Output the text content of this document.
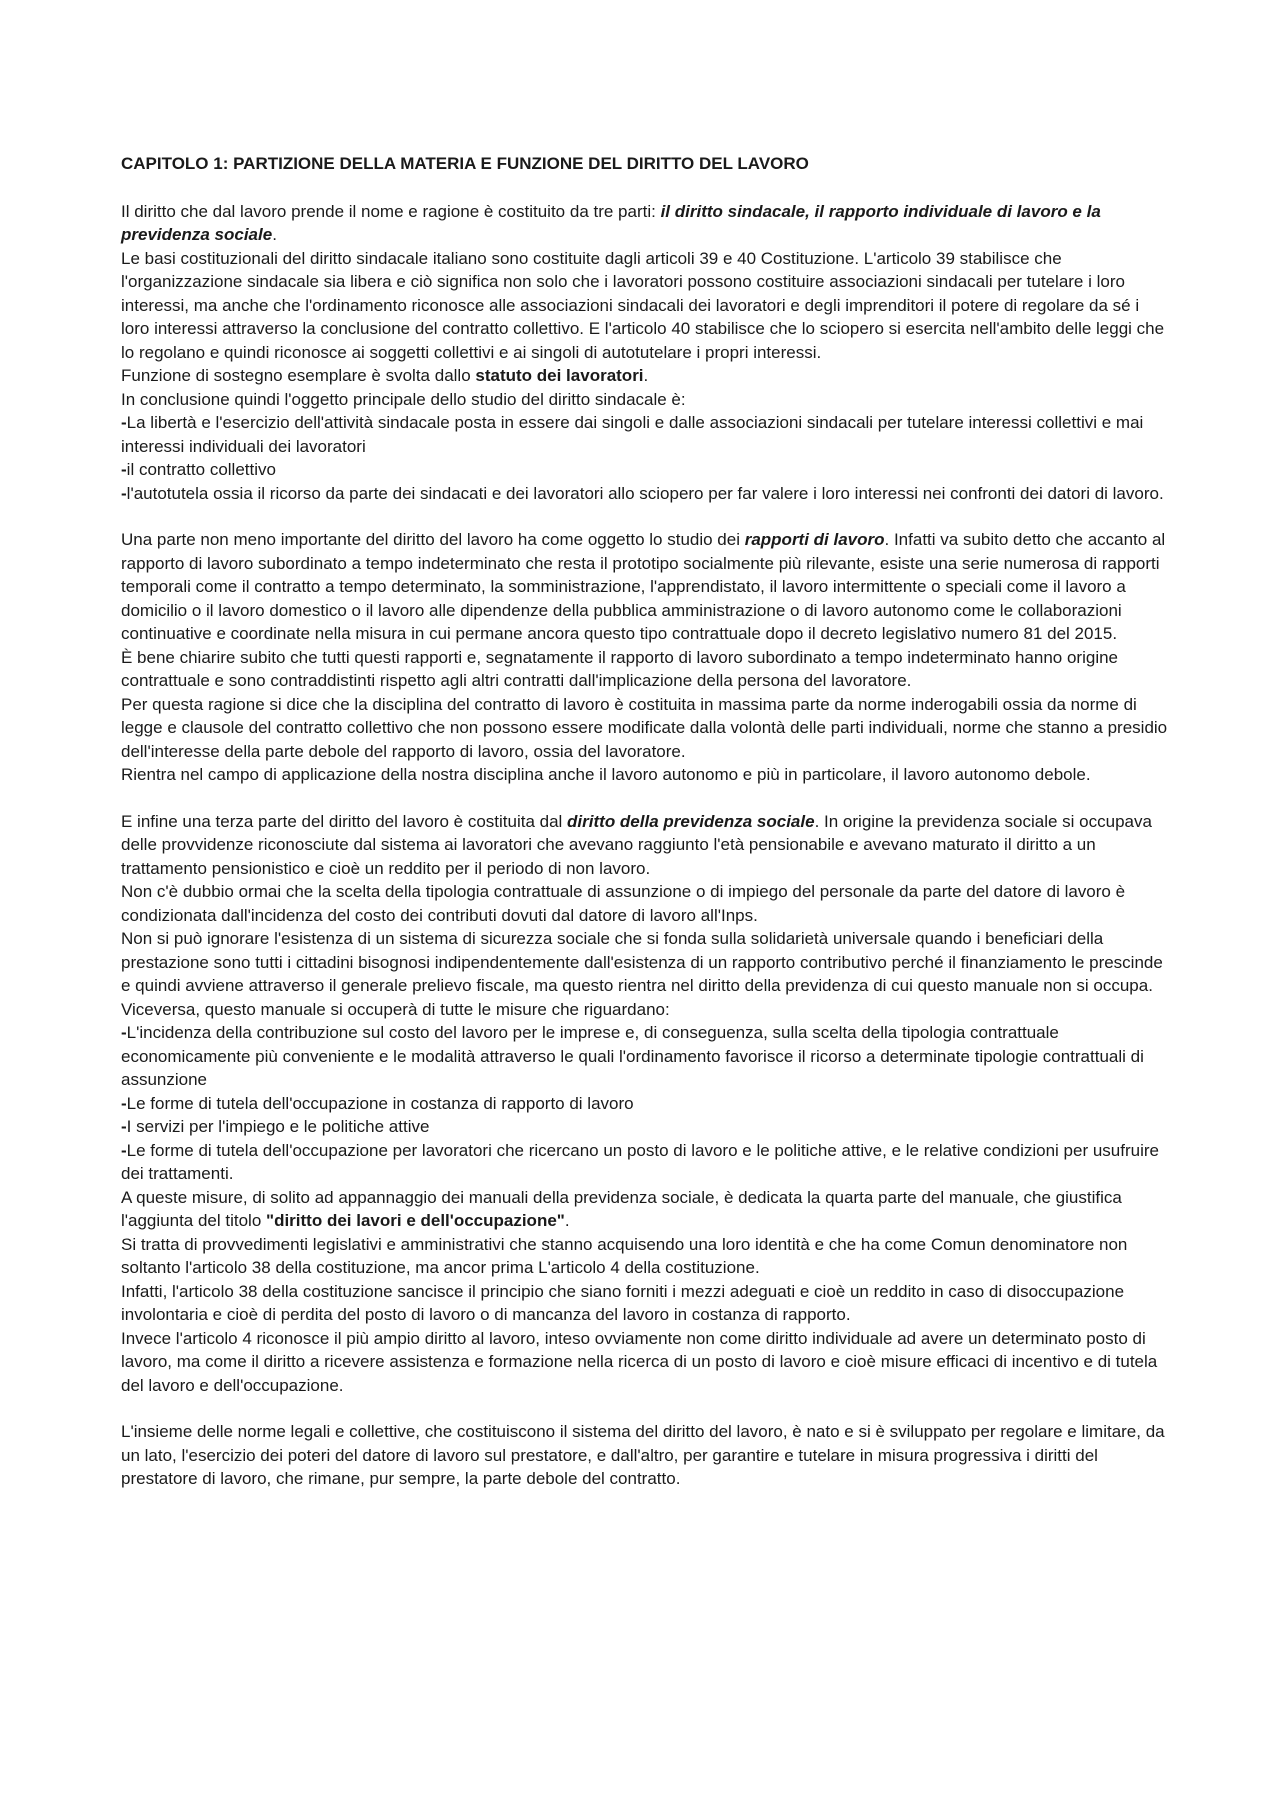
CAPITOLO 1: PARTIZIONE DELLA MATERIA E FUNZIONE DEL DIRITTO DEL LAVORO
Il diritto che dal lavoro prende il nome e ragione è costituito da tre parti: il diritto sindacale, il rapporto individuale di lavoro e la previdenza sociale.
Le basi costituzionali del diritto sindacale italiano sono costituite dagli articoli 39 e 40 Costituzione. L'articolo 39 stabilisce che l'organizzazione sindacale sia libera e ciò significa non solo che i lavoratori possono costituire associazioni sindacali per tutelare i loro interessi, ma anche che l'ordinamento riconosce alle associazioni sindacali dei lavoratori e degli imprenditori il potere di regolare da sé i loro interessi attraverso la conclusione del contratto collettivo. E l'articolo 40 stabilisce che lo sciopero si esercita nell'ambito delle leggi che lo regolano e quindi riconosce ai soggetti collettivi e ai singoli di autotutelare i propri interessi.
Funzione di sostegno esemplare è svolta dallo statuto dei lavoratori.
In conclusione quindi l'oggetto principale dello studio del diritto sindacale è:
-La libertà e l'esercizio dell'attività sindacale posta in essere dai singoli e dalle associazioni sindacali per tutelare interessi collettivi e mai interessi individuali dei lavoratori
-il contratto collettivo
-l'autotutela ossia il ricorso da parte dei sindacati e dei lavoratori allo sciopero per far valere i loro interessi nei confronti dei datori di lavoro.
Una parte non meno importante del diritto del lavoro ha come oggetto lo studio dei rapporti di lavoro. Infatti va subito detto che accanto al rapporto di lavoro subordinato a tempo indeterminato che resta il prototipo socialmente più rilevante, esiste una serie numerosa di rapporti temporali come il contratto a tempo determinato, la somministrazione, l'apprendistato, il lavoro intermittente o speciali come il lavoro a domicilio o il lavoro domestico o il lavoro alle dipendenze della pubblica amministrazione o di lavoro autonomo come le collaborazioni continuative e coordinate nella misura in cui permane ancora questo tipo contrattuale dopo il decreto legislativo numero 81 del 2015.
È bene chiarire subito che tutti questi rapporti e, segnatamente il rapporto di lavoro subordinato a tempo indeterminato hanno origine contrattuale e sono contraddistinti rispetto agli altri contratti dall'implicazione della persona del lavoratore.
Per questa ragione si dice che la disciplina del contratto di lavoro è costituita in massima parte da norme inderogabili ossia da norme di legge e clausole del contratto collettivo che non possono essere modificate dalla volontà delle parti individuali, norme che stanno a presidio dell'interesse della parte debole del rapporto di lavoro, ossia del lavoratore.
Rientra nel campo di applicazione della nostra disciplina anche il lavoro autonomo e più in particolare, il lavoro autonomo debole.
E infine una terza parte del diritto del lavoro è costituita dal diritto della previdenza sociale. In origine la previdenza sociale si occupava delle provvidenze riconosciute dal sistema ai lavoratori che avevano raggiunto l'età pensionabile e avevano maturato il diritto a un trattamento pensionistico e cioè un reddito per il periodo di non lavoro.
Non c'è dubbio ormai che la scelta della tipologia contrattuale di assunzione o di impiego del personale da parte del datore di lavoro è condizionata dall'incidenza del costo dei contributi dovuti dal datore di lavoro all'Inps.
Non si può ignorare l'esistenza di un sistema di sicurezza sociale che si fonda sulla solidarietà universale quando i beneficiari della prestazione sono tutti i cittadini bisognosi indipendentemente dall'esistenza di un rapporto contributivo perché il finanziamento le prescinde e quindi avviene attraverso il generale prelievo fiscale, ma questo rientra nel diritto della previdenza di cui questo manuale non si occupa.
Viceversa, questo manuale si occuperà di tutte le misure che riguardano:
-L'incidenza della contribuzione sul costo del lavoro per le imprese e, di conseguenza, sulla scelta della tipologia contrattuale economicamente più conveniente e le modalità attraverso le quali l'ordinamento favorisce il ricorso a determinate tipologie contrattuali di assunzione
-Le forme di tutela dell'occupazione in costanza di rapporto di lavoro
-I servizi per l'impiego e le politiche attive
-Le forme di tutela dell'occupazione per lavoratori che ricercano un posto di lavoro e le politiche attive, e le relative condizioni per usufruire dei trattamenti.
A queste misure, di solito ad appannaggio dei manuali della previdenza sociale, è dedicata la quarta parte del manuale, che giustifica l'aggiunta del titolo "diritto dei lavori e dell'occupazione".
Si tratta di provvedimenti legislativi e amministrativi che stanno acquisendo una loro identità e che ha come Comun denominatore non soltanto l'articolo 38 della costituzione, ma ancor prima L'articolo 4 della costituzione.
Infatti, l'articolo 38 della costituzione sancisce il principio che siano forniti i mezzi adeguati e cioè un reddito in caso di disoccupazione involontaria e cioè di perdita del posto di lavoro o di mancanza del lavoro in costanza di rapporto.
Invece l'articolo 4 riconosce il più ampio diritto al lavoro, inteso ovviamente non come diritto individuale ad avere un determinato posto di lavoro, ma come il diritto a ricevere assistenza e formazione nella ricerca di un posto di lavoro e cioè misure efficaci di incentivo e di tutela del lavoro e dell'occupazione.
L'insieme delle norme legali e collettive, che costituiscono il sistema del diritto del lavoro, è nato e si è sviluppato per regolare e limitare, da un lato, l'esercizio dei poteri del datore di lavoro sul prestatore, e dall'altro, per garantire e tutelare in misura progressiva i diritti del prestatore di lavoro, che rimane, pur sempre, la parte debole del contratto.
